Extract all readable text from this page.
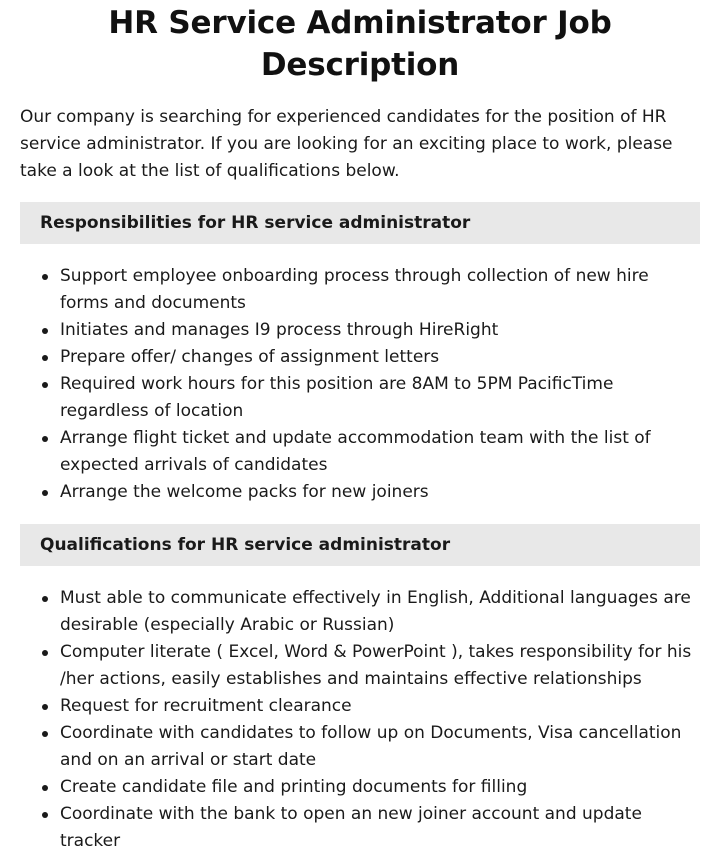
HR Service Administrator Job Description

Our company is searching for experienced candidates for the position of HR service administrator. If you are looking for an exciting place to work, please take a look at the list of qualifications below.

Responsibilities for HR service administrator
Support employee onboarding process through collection of new hire forms and documents
Initiates and manages I9 process through HireRight
Prepare offer/ changes of assignment letters
Required work hours for this position are 8AM to 5PM PacificTime regardless of location
Arrange flight ticket and update accommodation team with the list of expected arrivals of candidates
Arrange the welcome packs for new joiners
Qualifications for HR service administrator
Must able to communicate effectively in English, Additional languages are desirable (especially Arabic or Russian)
Computer literate ( Excel, Word & PowerPoint ), takes responsibility for his /her actions, easily establishes and maintains effective relationships
Request for recruitment clearance
Coordinate with candidates to follow up on Documents, Visa cancellation and on an arrival or start date
Create candidate file and printing documents for filling
Coordinate with the bank to open an new joiner account and update tracker
